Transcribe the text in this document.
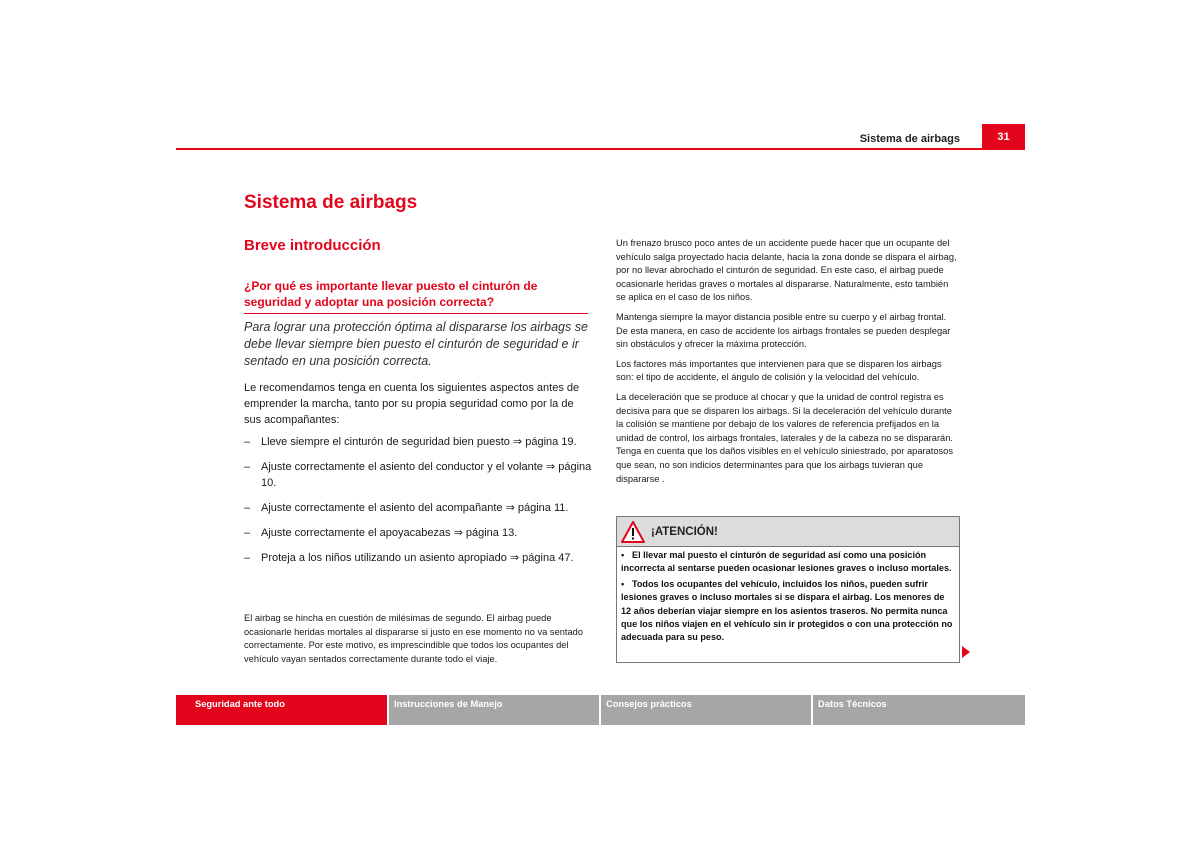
Sistema de airbags	31
Sistema de airbags
Breve introducción
¿Por qué es importante llevar puesto el cinturón de seguridad y adoptar una posición correcta?
Para lograr una protección óptima al dispararse los airbags se debe llevar siempre bien puesto el cinturón de seguridad e ir sentado en una posición correcta.
Le recomendamos tenga en cuenta los siguientes aspectos antes de emprender la marcha, tanto por su propia seguridad como por la de sus acompañantes:
– Lleve siempre el cinturón de seguridad bien puesto ⇒ página 19.
– Ajuste correctamente el asiento del conductor y el volante ⇒ página 10.
– Ajuste correctamente el asiento del acompañante ⇒ página 11.
– Ajuste correctamente el apoyacabezas ⇒ página 13.
– Proteja a los niños utilizando un asiento apropiado ⇒ página 47.
El airbag se hincha en cuestión de milésimas de segundo. El airbag puede ocasionarle heridas mortales al dispararse si justo en ese momento no va sentado correctamente. Por este motivo, es imprescindible que todos los ocupantes del vehículo vayan sentados correctamente durante todo el viaje.

Un frenazo brusco poco antes de un accidente puede hacer que un ocupante del vehículo salga proyectado hacia delante, hacia la zona donde se dispara el airbag, por no llevar abrochado el cinturón de seguridad. En este caso, el airbag puede ocasionarle heridas graves o mortales al dispararse. Naturalmente, esto también se aplica en el caso de los niños.

Mantenga siempre la mayor distancia posible entre su cuerpo y el airbag frontal. De esta manera, en caso de accidente los airbags frontales se pueden desplegar sin obstáculos y ofrecer la máxima protección.

Los factores más importantes que intervienen para que se disparen los airbags son: el tipo de accidente, el ángulo de colisión y la velocidad del vehículo.

La deceleración que se produce al chocar y que la unidad de control registra es decisiva para que se disparen los airbags. Si la deceleración del vehículo durante la colisión se mantiene por debajo de los valores de referencia prefijados en la unidad de control, los airbags frontales, laterales y de la cabeza no se dispararán. Tenga en cuenta que los daños visibles en el vehículo siniestrado, por aparatosos que sean, no son indicios determinantes para que los airbags tuvieran que dispararse .

¡ATENCIÓN!

• El llevar mal puesto el cinturón de seguridad así como una posición incorrecta al sentarse pueden ocasionar lesiones graves o incluso mortales.

• Todos los ocupantes del vehículo, incluidos los niños, pueden sufrir lesiones graves o incluso mortales si se dispara el airbag. Los menores de 12 años deberían viajar siempre en los asientos traseros. No permita nunca que los niños viajen en el vehículo sin ir protegidos o con una protección no adecuada para su peso.

Seguridad ante todo	Instrucciones de Manejo	Consejos prácticos	Datos Técnicos
